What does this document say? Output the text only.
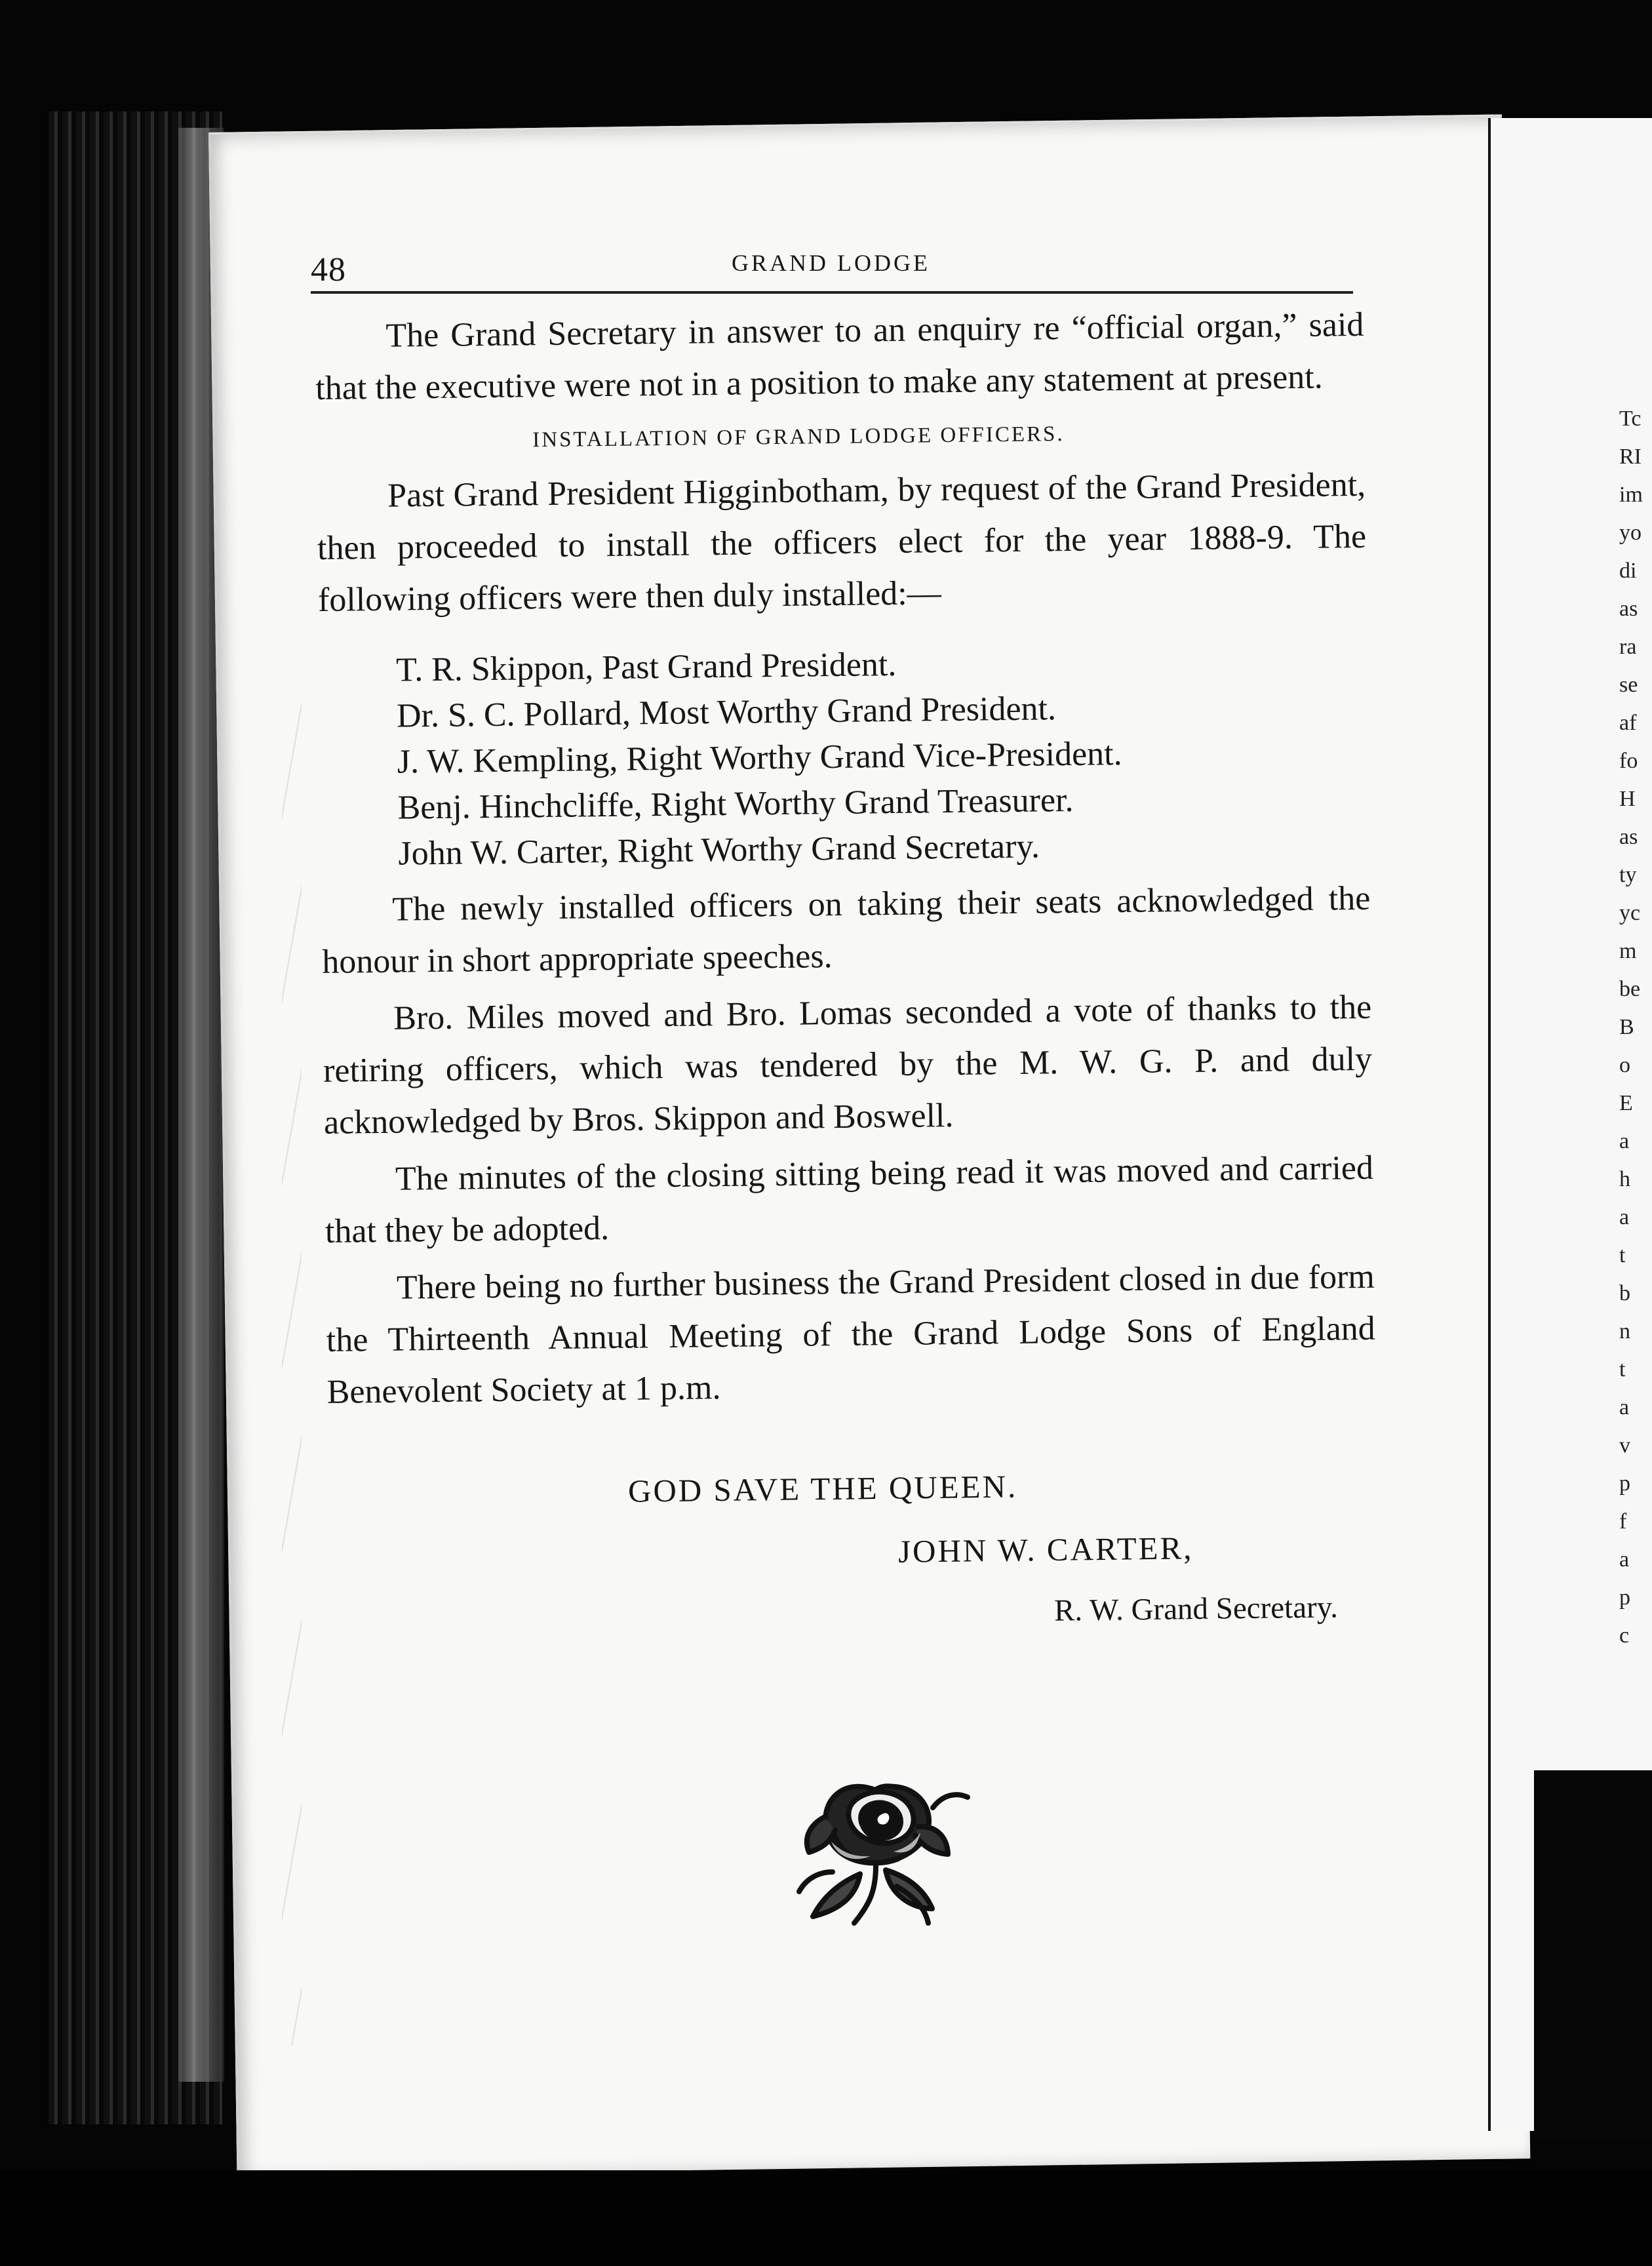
48	GRAND LODGE

The Grand Secretary in answer to an enquiry re “official organ,” said that the executive were not in a position to make any statement at present.

INSTALLATION OF GRAND LODGE OFFICERS.

Past Grand President Higginbotham, by request of the Grand President, then proceeded to install the officers elect for the year 1888-9. The following officers were then duly installed:—

T. R. Skippon, Past Grand President.
Dr. S. C. Pollard, Most Worthy Grand President.
J. W. Kempling, Right Worthy Grand Vice-President.
Benj. Hinchcliffe, Right Worthy Grand Treasurer.
John W. Carter, Right Worthy Grand Secretary.

The newly installed officers on taking their seats acknowledged the honour in short appropriate speeches.

Bro. Miles moved and Bro. Lomas seconded a vote of thanks to the retiring officers, which was tendered by the M. W. G. P. and duly acknowledged by Bros. Skippon and Boswell.

The minutes of the closing sitting being read it was moved and carried that they be adopted.

There being no further business the Grand President closed in due form the Thirteenth Annual Meeting of the Grand Lodge Sons of England Benevolent Society at 1 p.m.

GOD SAVE THE QUEEN.
JOHN W. CARTER,
R. W. Grand Secretary.
Tc
RI
im
yo
di
as
ra
se
af
fo
H
as
ty
yc
m
be
B
o
E
a
h
a
t
b
n
t
a
v
p
f
a
p
c
